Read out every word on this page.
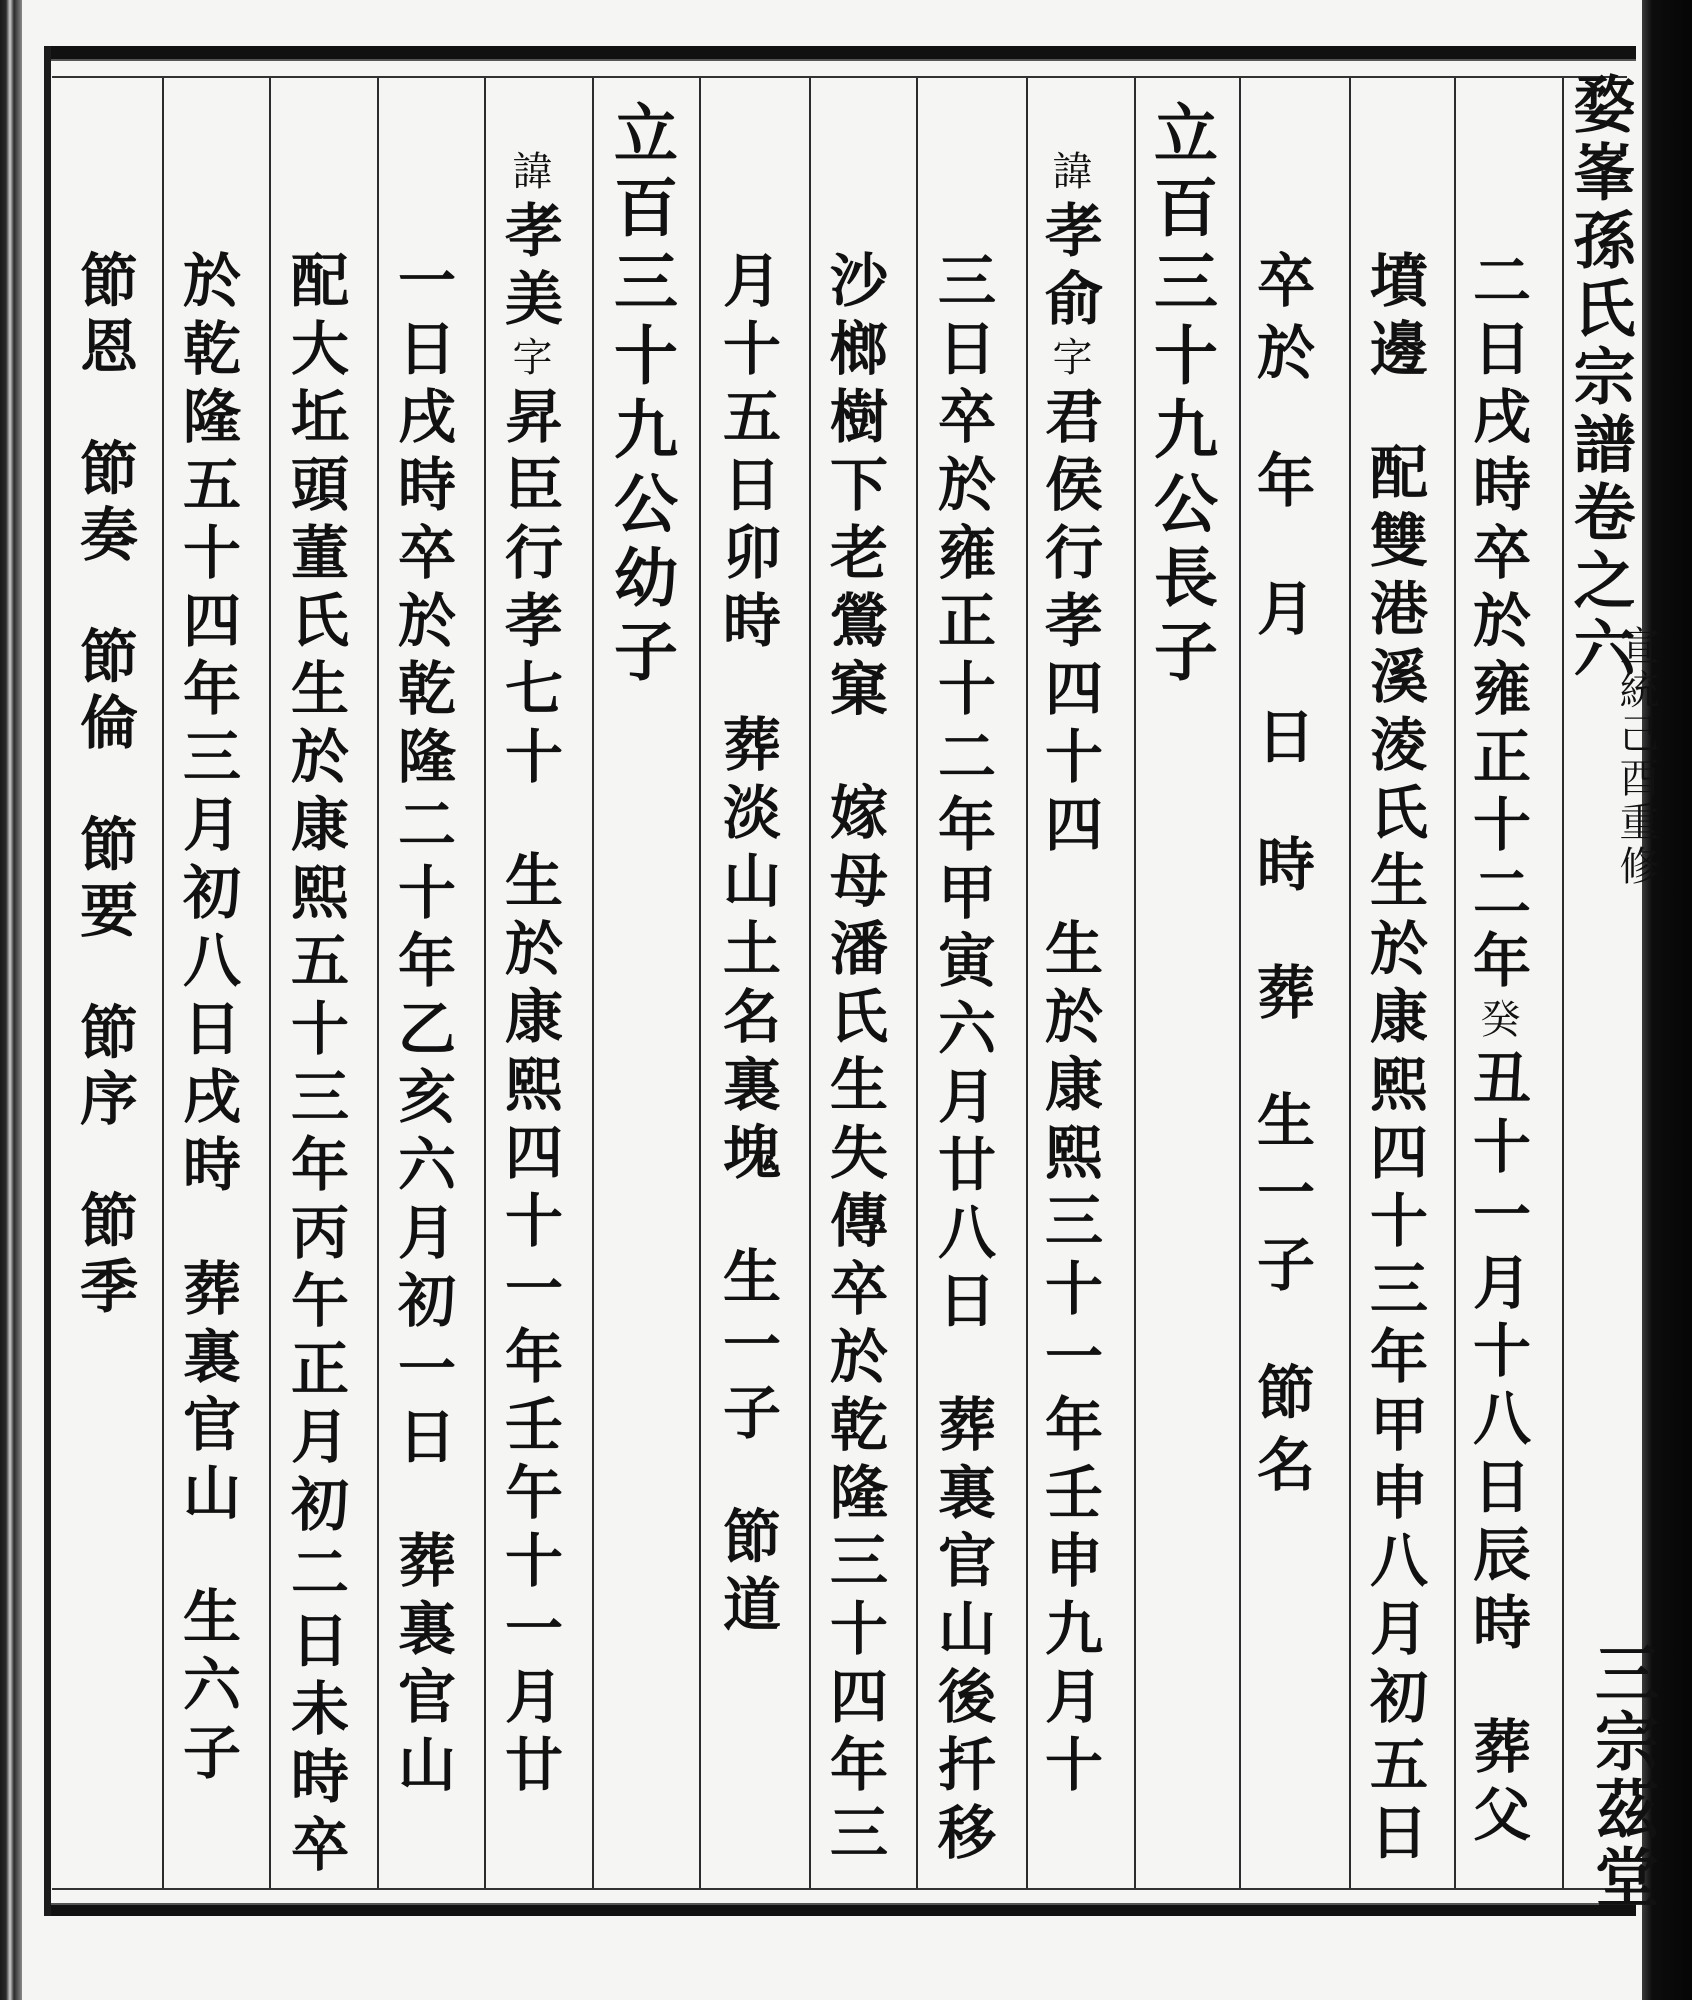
婺峯孫氏宗譜卷之六
宣統己酉重修
三宗茲堂
二日戌時卒於雍正十二年癸丑十一月十八日辰時葬父
墳邊配雙港溪淩氏生於康熙四十三年甲申八月初五日
卒於年月日時葬生一子節名
立百三十九公長子
諱孝俞字君侯行孝四十四生於康熙三十一年壬申九月十
三日卒於雍正十二年甲寅六月廿八日葬裏官山後扦移
沙榔樹下老鶯窠嫁母潘氏生失傳卒於乾隆三十四年三
月十五日卯時葬淡山土名裏塊生一子節道
立百三十九公幼子
諱孝美字昇臣行孝七十生於康熙四十一年壬午十一月廿
一日戌時卒於乾隆二十年乙亥六月初一日葬裏官山
配大坵頭董氏生於康熙五十三年丙午正月初二日未時卒
於乾隆五十四年三月初八日戌時葬裏官山生六子
節恩節奏節倫節要節序節季
